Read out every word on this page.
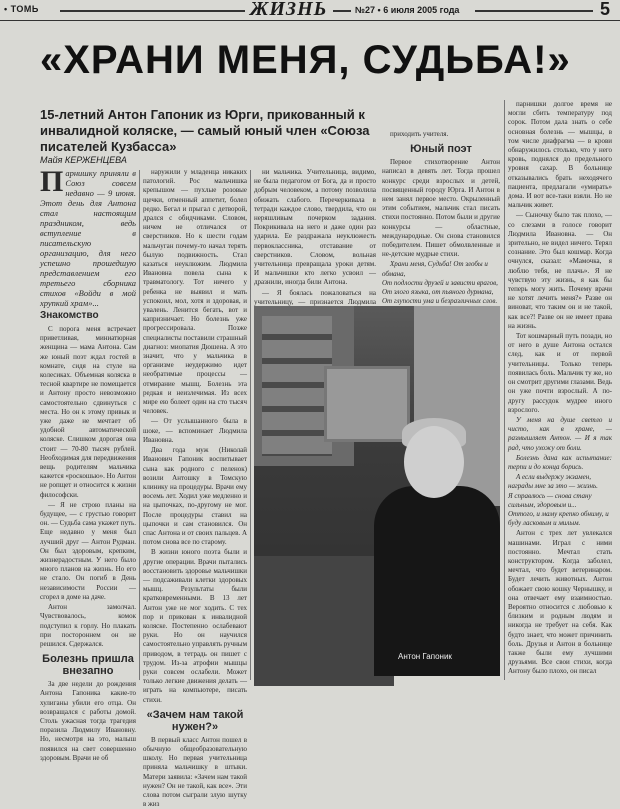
• ТОМЬ	ЖИЗНЬ	№27 • 6 июля 2005 года	5
«ХРАНИ МЕНЯ, СУДЬБА!»
15-летний Антон Гапоник из Юрги, прикованный к инвалидной коляске, — самый юный член «Союза писателей Кузбасса»
Майя КЕРЖЕНЦЕВА
П арнишку приняли в Союз совсем недавно — 9 июня. Этот день для Антона стал настоящим праздником, ведь вступление в писательскую организацию, для него успешно прошедшую представлением его третьего сборника стихов «Войди в мой хрупкий храм»...
Знакомство

С порога меня встречает приветливая, миниатюрная женщина — мама Антона. Сам же юный поэт ждал гостей в комнате, сидя на стуле на колесиках. Объемная коляска в тесной квартире не помещается и Антону просто невозможно самостоятельно сдвинуться с места. Но он к этому привык и уже даже не мечтает об удобной автоматической коляске. Слишком дорогая она стоит — 70-80 тысяч рублей. Необходимая для передвижения вещь родителям мальчика кажется «роскошью». Но Антон не ропщет и относится к жизни философски.

— Я не строю планы на будущее, — с грустью говорит он. — Судьба сама укажет путь. Еще недавно у меня был лучший друг — Антон Рудман. Он был здоровым, крепким, жизнерадостным. У него было много планов на жизнь. Но его не стало. Он погиб в День независимости России — сгорел в доме на даче.

Антон замолчал. Чувствовалось, комок подступил к горлу. Но плакать при постороннем он не решился. Сдержался.

Болезнь пришла внезапно

За две недели до рождения Антона Гапоника какие-то хулиганы убили его отца. Он возвращался с работы домой. Столь ужасная тогда трагедия поразила Людмилу Ивановну. Но, несмотря на это, малыш появился на свет совершенно здоровым. Врачи не об

наружили у младенца никаких патологий. Рос мальчишка крепышом — пухлые розовые щечки, отменный аппетит, болел редко. Бегал и прыгал с детворой, дрался с обидчиками. Словом, ничем не отличался от сверстников. Но к шести годам мальчуган почему-то начал терять былую подвижность. Стал казаться неуклюжим. Людмила Ивановна повела сына к травматологу. Тот ничего у ребенка не выявил и мать успокоил, мол, хотя и здоровая, и увалень. Ленится бегать, вот и капризничает. Но болезнь уже прогрессировала. Позже специалисты поставили страшный диагноз: миопатия Дюшена. А это значит, что у мальчика в организме неудержимо идет необратимые процессы — отмирание мышц. Болезнь эта редкая и неизлечимая. Из всех мире ею болеет один на сто тысяч человек.

— От услышанного была в шоке, — вспоминает Людмила Ивановна.

Два года муж (Николай Иванович Гапоник воспитывает сына как родного с пеленок) возили Антошку в Томскую клинику на процедуры. Врачи ему восемь лет. Ходил уже медленно и на цыпочках, по-другому не мог. После процедуры ставил на цыпочки и сам становился. Он спас Антона и от своих пальцев. А потом снова все по старому.

В жизни юного поэта были и другие операции. Врачи пытались восстановить здоровье мальчишки — подсаживали клетки здоровых мышц. Результаты были кратковременными. В 13 лет Антон уже не мог ходить. С тех пор и прикован к инвалидной коляске. Постепенно ослабевают руки. Но он научился самостоятельно управлять ручным приводом, в тетрадь он пишет с трудом. Из-за атрофии мышцы руки совсем ослабели. Может только легкие движения делать — играть на компьютере, писать стихи.

«Зачем нам такой нужен?»

В первый класс Антон пошел в обычную общеобразовательную школу. Но первая учительница приняла мальчишку в штыки. Матери заявила: «Зачем нам такой нужен? Он не такой, как все». Эти слова потом сыграли злую шутку в жиз

ни мальчика. Учительница, видимо, не была педагогом от Бога, да и просто добрым человеком, а потому позволила обижать слабого. Перечеркивала в тетради каждое слово, твердила, что он неряшливым почерком задания. Покрикивала на него и даже один раз ударила. Ее раздражала неуклюжесть первоклассника, отставание от сверстников. Словом, вольная учительница превращала уроки детям. И мальчишки кто легко усвоил — дразнили, иногда били Антона.

— Я боялась пожаловаться на учительницу, — признается Людмила

приходить учителя.

Юный поэт

Первое стихотворение Антон написал в девять лет. Тогда прошел конкурс среди взрослых и детей, посвященный городу Юрга. И Антон в нем занял первое место. Окрыленный этим событием, мальчик стал писать стихи постоянно. Потом были и другие конкурсы — областные, международные. Он снова становился победителем. Пишет обмолвленные и не-детские мудрые стихи.

Храни меня, Судьба! От злобы и обмана,
От подлости друзей и зависти врагов,
От злого языка, от пьяного дурмана,
От глупости ума и безразличных слов.

Антон Гапоник

парнишки долгое время не могли сбить температуру под сорок. Потом дала знать о себе основная болезнь — мышцы, в том числе диафрагма — в крови обнаружилось столько, что у него кровь, поднялся до предельного уровня сахар. В больнице отказывались брать неходячего пациента, предлагали «умирать» дома. И вот все-таки взяли. Но не мальчик живет.

— Сыночку было так плохо, — со слезами в голосе говорит Людмила Ивановна. — Он зрительно, не видел ничего. Терял сознание. Это был кошмар. Когда очнулся, сказал: «Мамочка, я люблю тебя, не плачь». Я не чувствую эту жизнь, я как бы теперь могу жить. Почему врачи не хотят лечить меня?» Разве он виноват, что таким он и не такой, как все?! Разве он не имеет права на жизнь.

Тот кошмарный путь позади, но от него в душе Антона остался след, как и от первой учительницы. Только теперь появилась боль. Мальчик ту же, но он смотрит другими глазами. Ведь он уже почти взрослый. А по-другу рассудок мудрее иного взрослого.

У меня на душе светло и чисто, как в храме, — размышляет Антон. — И я так рад, что ухожу от боли.

Болезнь дана как испытание: терпи и до конца борись.

А если выдержу экзамен, награды мне за это — жизнь.
Я справлюсь — снова стану сильным, здоровым и...
Оттого, и маму крепко обниму, и буду ласковым и милым.

Антон с трех лет увлекался машинами. Играл с ними постоянно. Мечтал стать конструктором. Когда заболел, мечтал, что будет ветеринаром. Будет лечить животных. Антон обожает свою кошку Чернышку, и она отвечает ему взаимностью. Вероятно относится с любовью к близким и родным людям и никогда не требует на себя. Как будто знает, что может причинить боль. Друзья и Антон в больнице также были ему лучшими друзьями. Все свои стихи, когда Антону было плохо, он писал
